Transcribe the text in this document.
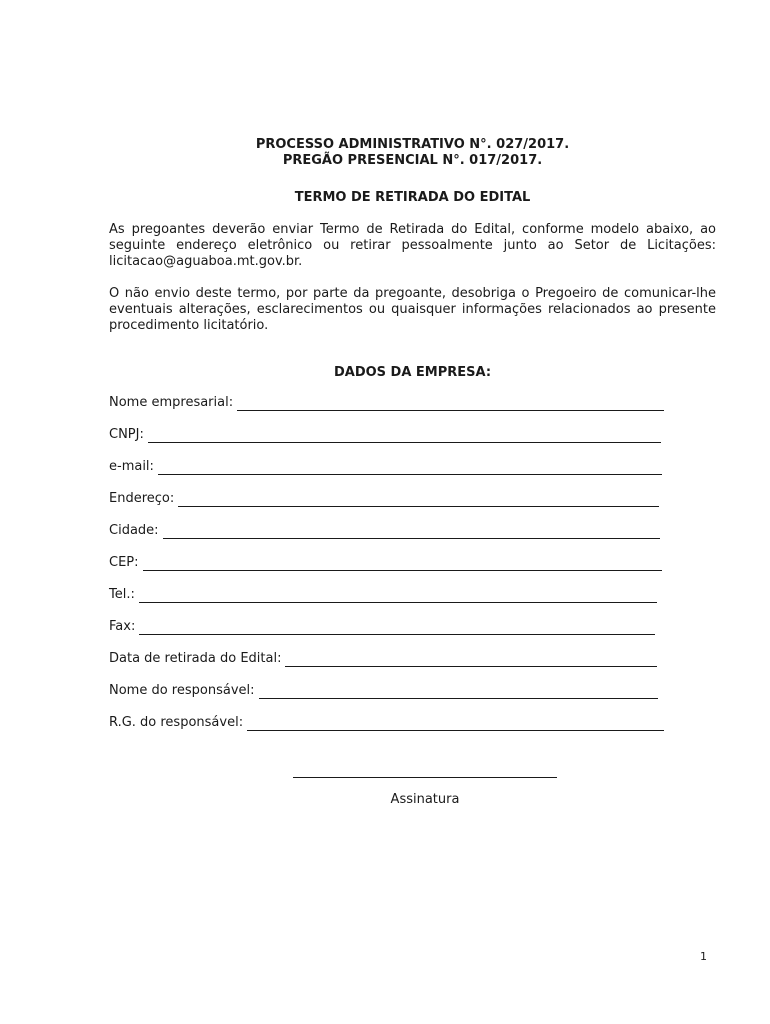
PROCESSO ADMINISTRATIVO N°. 027/2017.

PREGÃO PRESENCIAL N°. 017/2017.

TERMO DE RETIRADA DO EDITAL

As pregoantes deverão enviar Termo de Retirada do Edital, conforme modelo abaixo, ao seguinte endereço eletrônico ou retirar pessoalmente junto ao Setor de Licitações: licitacao@aguaboa.mt.gov.br.

O não envio deste termo, por parte da pregoante, desobriga o Pregoeiro de comunicar-lhe eventuais alterações, esclarecimentos ou quaisquer informações relacionados ao presente procedimento licitatório.

DADOS DA EMPRESA:

Nome empresarial:
CNPJ:
e-mail:
Endereço:
Cidade:
CEP:
Tel.:
Fax:
Data de retirada do Edital:
Nome do responsável:
R.G. do responsável:
Assinatura
1
